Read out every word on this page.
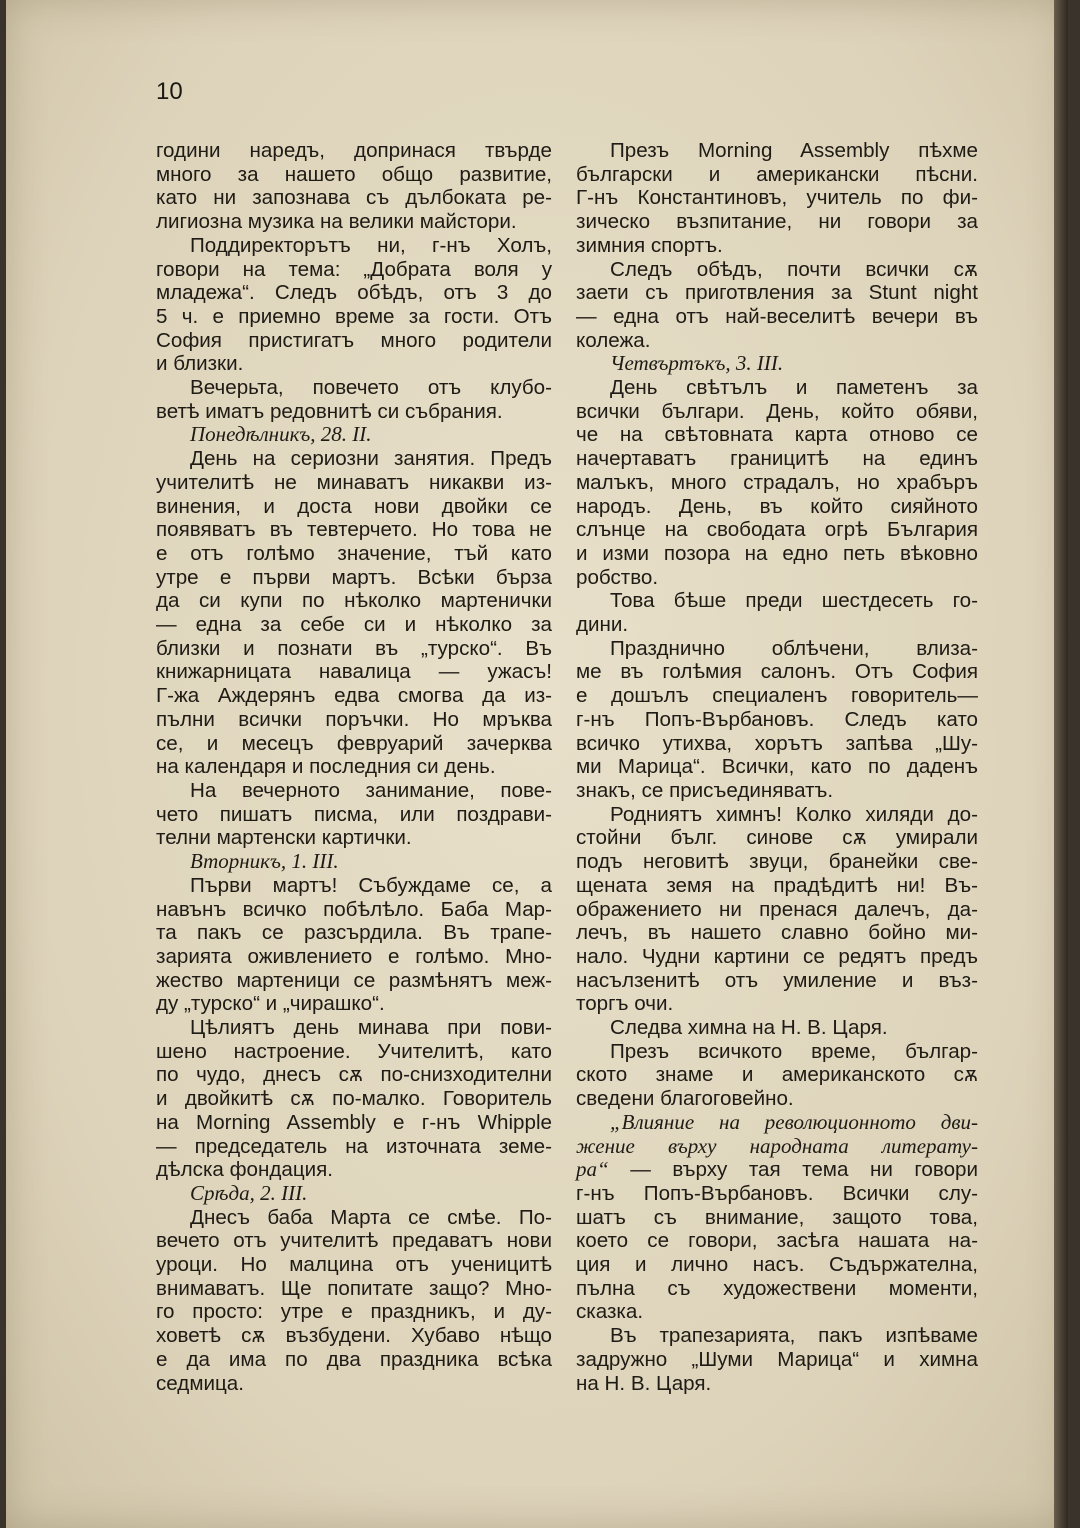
10

години наредъ, допринася твърде

много за нашето общо развитие,

като ни запознава съ дълбоката ре-

лигиозна музика на велики майстори.

Поддиректорътъ ни, г-нъ Холъ,

говори на тема: „Добрата воля у

младежа“. Следъ обѣдъ, отъ 3 до

5 ч. е приемно време за гости. Отъ

София пристигатъ много родители

и близки.

Вечерьта, повечето отъ клубо-

ветѣ иматъ редовнитѣ си събрания.

Понедѣлникъ, 28. II.

День на сериозни занятия. Предъ

учителитѣ не минаватъ никакви из-

винения, и доста нови двойки се

появяватъ въ тевтерчето. Но това не

е отъ голѣмо значение, тъй като

утре е първи мартъ. Всѣки бърза

да си купи по нѣколко мартенички

— една за себе си и нѣколко за

близки и познати въ „турско“. Въ

книжарницата навалица — ужасъ!

Г-жа Аждерянъ едва смогва да из-

пълни всички поръчки. Но мръква

се, и месецъ февруарий зачерква

на календаря и последния си день.

На вечерното занимание, пове-

чето пишатъ писма, или поздрави-

телни мартенски картички.

Вторникъ, 1. III.

Първи мартъ! Събуждаме се, а

навънъ всичко побѣлѣло. Баба Мар-

та пакъ се разсърдила. Въ трапе-

зарията оживлението е голѣмо. Мно-

жество мартеници се размѣнятъ меж-

ду „турско“ и „чирашко“.

Цѣлиятъ день минава при пови-

шено настроение. Учителитѣ, като

по чудо, днесъ сѫ по-снизходителни

и двойкитѣ сѫ по-малко. Говоритель

на Morning Assembly е г-нъ Whipple

— председатель на източната земе-

дѣлска фондация.

Срѣда, 2. III.

Днесъ баба Марта се смѣе. По-

вечето отъ учителитѣ предаватъ нови

уроци. Но малцина отъ ученицитѣ

внимаватъ. Ще попитате защо? Мно-

го просто: утре е праздникъ, и ду-

ховетѣ сѫ възбудени. Хубаво нѣщо

е да има по два праздника всѣка

седмица.

Презъ Morning Assembly пѣхме

български и американски пѣсни.

Г-нъ Константиновъ, учитель по фи-

зическо възпитание, ни говори за

зимния спортъ.

Следъ обѣдъ, почти всички сѫ

заети съ приготвления за Stunt night

— една отъ най-веселитѣ вечери въ

колежа.

Четвъртъкъ, 3. III.

День свѣтълъ и паметенъ за

всички българи. День, който обяви,

че на свѣтовната карта отново се

начертаватъ границитѣ на единъ

малъкъ, много страдалъ, но храбъръ

народъ. День, въ който сияйното

слънце на свободата огрѣ България

и изми позора на едно петь вѣковно

робство.

Това бѣше преди шестдесеть го-

дини.

Празднично облѣчени, влиза-

ме въ голѣмия салонъ. Отъ София

е дошълъ специаленъ говоритель—

г-нъ Попъ-Върбановъ. Следъ като

всичко утихва, хорътъ запѣва „Шу-

ми Марица“. Всички, като по даденъ

знакъ, се присъединяватъ.

Родниятъ химнъ! Колко хиляди до-

стойни бълг. синове сѫ умирали

подъ неговитѣ звуци, бранейки све-

щената земя на прадѣдитѣ ни! Въ-

ображението ни пренася далечъ, да-

лечъ, въ нашето славно бойно ми-

нало. Чудни картини се редятъ предъ

насълзенитѣ отъ умиление и въз-

торгъ очи.

Следва химна на Н. В. Царя.

Презъ всичкото време, българ-

ското знаме и американското сѫ

сведени благоговейно.

„Влияние на революционното дви-

жение върху народната литерату-

ра“ — върху тая тема ни говори

г-нъ Попъ-Върбановъ. Всички слу-

шатъ съ внимание, защото това,

което се говори, засѣга нашата на-

ция и лично насъ. Съдържателна,

пълна съ художествени моменти,

сказка.

Въ трапезарията, пакъ изпѣваме

задружно „Шуми Марица“ и химна

на Н. В. Царя.
